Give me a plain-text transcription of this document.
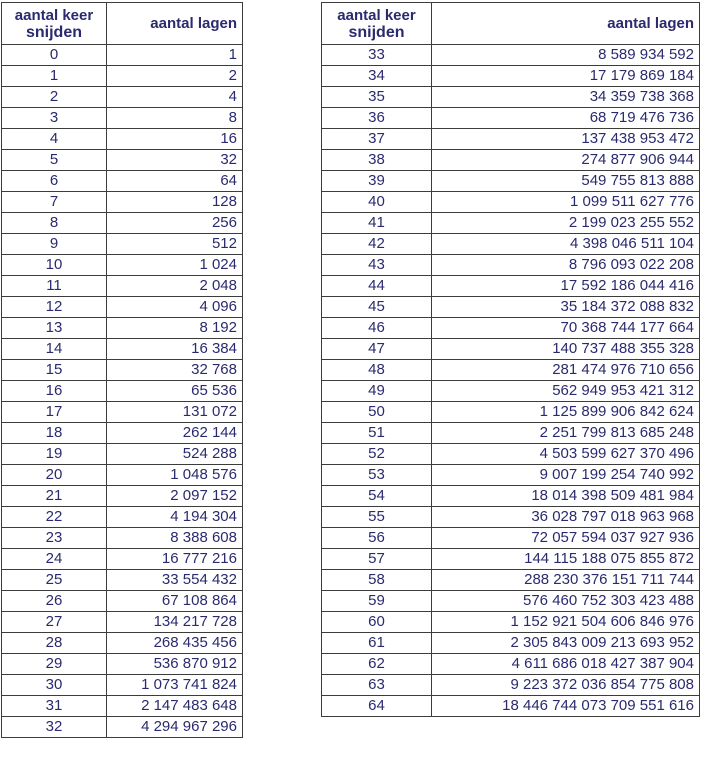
aantal keer
snijden	aantal lagen
0	1
1	2
2	4
3	8
4	16
5	32
6	64
7	128
8	256
9	512
10	1 024
11	2 048
12	4 096
13	8 192
14	16 384
15	32 768
16	65 536
17	131 072
18	262 144
19	524 288
20	1 048 576
21	2 097 152
22	4 194 304
23	8 388 608
24	16 777 216
25	33 554 432
26	67 108 864
27	134 217 728
28	268 435 456
29	536 870 912
30	1 073 741 824
31	2 147 483 648
32	4 294 967 296
aantal keer
snijden	aantal lagen
33	8 589 934 592
34	17 179 869 184
35	34 359 738 368
36	68 719 476 736
37	137 438 953 472
38	274 877 906 944
39	549 755 813 888
40	1 099 511 627 776
41	2 199 023 255 552
42	4 398 046 511 104
43	8 796 093 022 208
44	17 592 186 044 416
45	35 184 372 088 832
46	70 368 744 177 664
47	140 737 488 355 328
48	281 474 976 710 656
49	562 949 953 421 312
50	1 125 899 906 842 624
51	2 251 799 813 685 248
52	4 503 599 627 370 496
53	9 007 199 254 740 992
54	18 014 398 509 481 984
55	36 028 797 018 963 968
56	72 057 594 037 927 936
57	144 115 188 075 855 872
58	288 230 376 151 711 744
59	576 460 752 303 423 488
60	1 152 921 504 606 846 976
61	2 305 843 009 213 693 952
62	4 611 686 018 427 387 904
63	9 223 372 036 854 775 808
64	18 446 744 073 709 551 616
